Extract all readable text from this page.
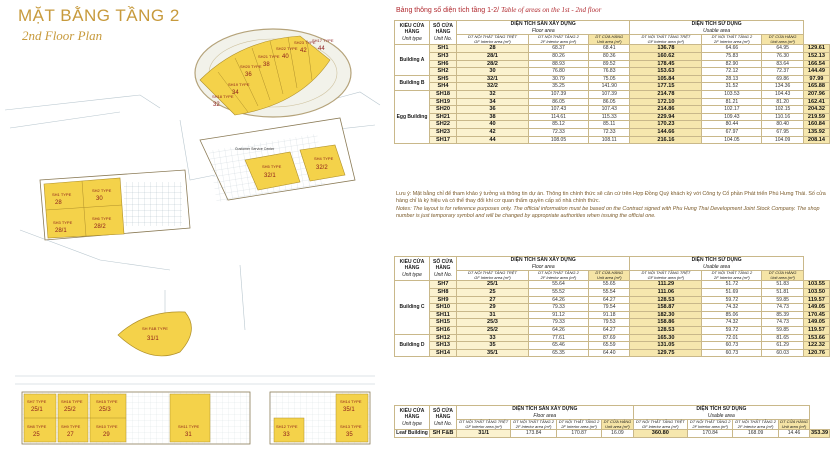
MẶT BẰNG TẦNG 2
2nd Floor Plan
SH18 TYPE
32
SH19 TYPE
34
SH20 TYPE
36
SH21 TYPE
38
SH22 TYPE
40
SH23 TYPE
42
SH17 TYPE
44
SH5 TYPE
32/1
SH4 TYPE
32/2
Customer Service Center
SH1 TYPE
28
SH3 TYPE
28/1
SH2 TYPE
30
SH6 TYPE
28/2
SH F&B TYPE
31/1
SH7 TYPE
25/1
SH8 TYPE
25
SH9 TYPE
27
SH16 TYPE
25/2
SH15 TYPE
25/3
SH10 TYPE
29
SH11 TYPE
31
SH12 TYPE
33
SH14 TYPE
35/1
SH13 TYPE
35
Bảng thông số diện tích tầng 1-2/ Table of areas on the 1st - 2nd floor
KIỂU CỬA HÀNG
Unit type	SỐ CỬA HÀNG
Unit No.	DIỆN TÍCH SÀN XÂY DỰNG
Floor area			DIỆN TÍCH SỬ DỤNG
Usable area			
		DT NỘI THẤT TẦNG TRỆT
GF Interior area (m²)	DT NỘI THẤT TẦNG 2
2F Interior area (m²)	DT CỬA HÀNG
Unit area (m²)	DT NỘI THẤT TẦNG TRỆT
GF Interior area (m²)	DT NỘI THẤT TẦNG 2
2F Interior area (m²)	DT CỬA HÀNG
Unit area (m²)	
Building A	SH1	28	68.37	68.41	136.78	64.66	64.95	129.61
	SH3	28/1	80.26	80.36	160.62	75.83	76.30	152.13
	SH6	28/2	88.93	89.52	178.45	82.90	83.64	166.54
	SH2	30	76.80	76.83	153.63	72.12	72.37	144.49
Building B	SH5	32/1	30.79	75.05	105.84	28.13	69.86	97.99
	SH4	32/2	35.25	141.90	177.15	31.52	134.36	165.88
Egg Building	SH18	32	107.39	107.39	214.78	103.53	104.43	207.96
	SH19	34	86.05	86.05	172.10	81.21	81.20	162.41
	SH20	36	107.43	107.43	214.86	102.17	102.15	204.32
	SH21	38	114.61	115.33	229.94	109.43	110.16	219.59
	SH22	40	85.12	85.11	170.23	80.44	80.40	160.84
	SH23	42	72.33	72.33	144.66	67.97	67.95	135.92
	SH17	44	108.05	108.11	216.16	104.05	104.09	208.14
Lưu ý: Mặt bằng chỉ để tham khảo ý tưởng và thông tin dự án. Thông tin chính thức sẽ căn cứ trên Hợp Đồng Quý khách ký với Công ty Cổ phần Phát triển Phú Hưng Thái. Số cửa hàng chỉ là ký hiệu và có thể thay đổi khi cơ quan thẩm quyền cấp số nhà chính thức.
Notes: The layout is for reference purposes only. The official information must be based on the Contract signed with Phu Hung Thai Development Joint Stock Company. The shop number is just temporary symbol and will be changed by appropriate authorities when issuing the official one.
KIỂU CỬA HÀNG
Unit type	SỐ CỬA HÀNG
Unit No.	DIỆN TÍCH SÀN XÂY DỰNG
Floor area			DIỆN TÍCH SỬ DỤNG
Usable area			
		DT NỘI THẤT TẦNG TRỆT
GF Interior area (m²)	DT NỘI THẤT TẦNG 2
2F Interior area (m²)	DT CỬA HÀNG
Unit area (m²)	DT NỘI THẤT TẦNG TRỆT
GF Interior area (m²)	DT NỘI THẤT TẦNG 2
2F Interior area (m²)	DT CỬA HÀNG
Unit area (m²)	
Building C	SH7	25/1	55.64	55.65	111.29	51.72	51.83	103.55
	SH8	25	55.52	55.54	111.06	51.69	51.81	103.50
	SH9	27	64.26	64.27	128.53	59.72	59.85	119.57
	SH10	29	79.33	79.54	158.87	74.32	74.73	149.05
	SH11	31	91.12	91.18	182.30	85.06	85.39	170.45
	SH15	25/3	79.33	79.53	158.86	74.32	74.73	149.05
	SH16	25/2	64.26	64.27	128.53	59.72	59.85	119.57
Building D	SH12	33	77.61	87.69	165.30	72.01	81.65	153.66
	SH13	35	65.46	65.59	131.05	60.73	61.29	122.32
	SH14	35/1	65.35	64.40	129.75	60.73	60.03	120.76
KIỂU CỬA HÀNG
Unit type	SỐ CỬA HÀNG
Unit No.	DIỆN TÍCH SÀN XÂY DỰNG
Floor area				DIỆN TÍCH SỬ DỤNG
Usable area				
		DT NỘI THẤT TẦNG TRỆT
GF Interior area (m²)	DT NỘI THẤT TẦNG 2
2F Interior area (m²)	DT NỘI THẤT TẦNG 2
2F Interior area (m²)	DT CỬA HÀNG
Unit area (m²)	DT NỘI THẤT TẦNG TRỆT
GF Interior area (m²)	DT NỘI THẤT TẦNG 2
2F Interior area (m²)	DT NỘI THẤT TẦNG 2
2F Interior area (m²)	DT CỬA HÀNG
Unit area (m²)	
Leaf Building	SH F&B	31/1	173.84	170.87	16.09	360.80	170.84	168.09	14.46	353.39
